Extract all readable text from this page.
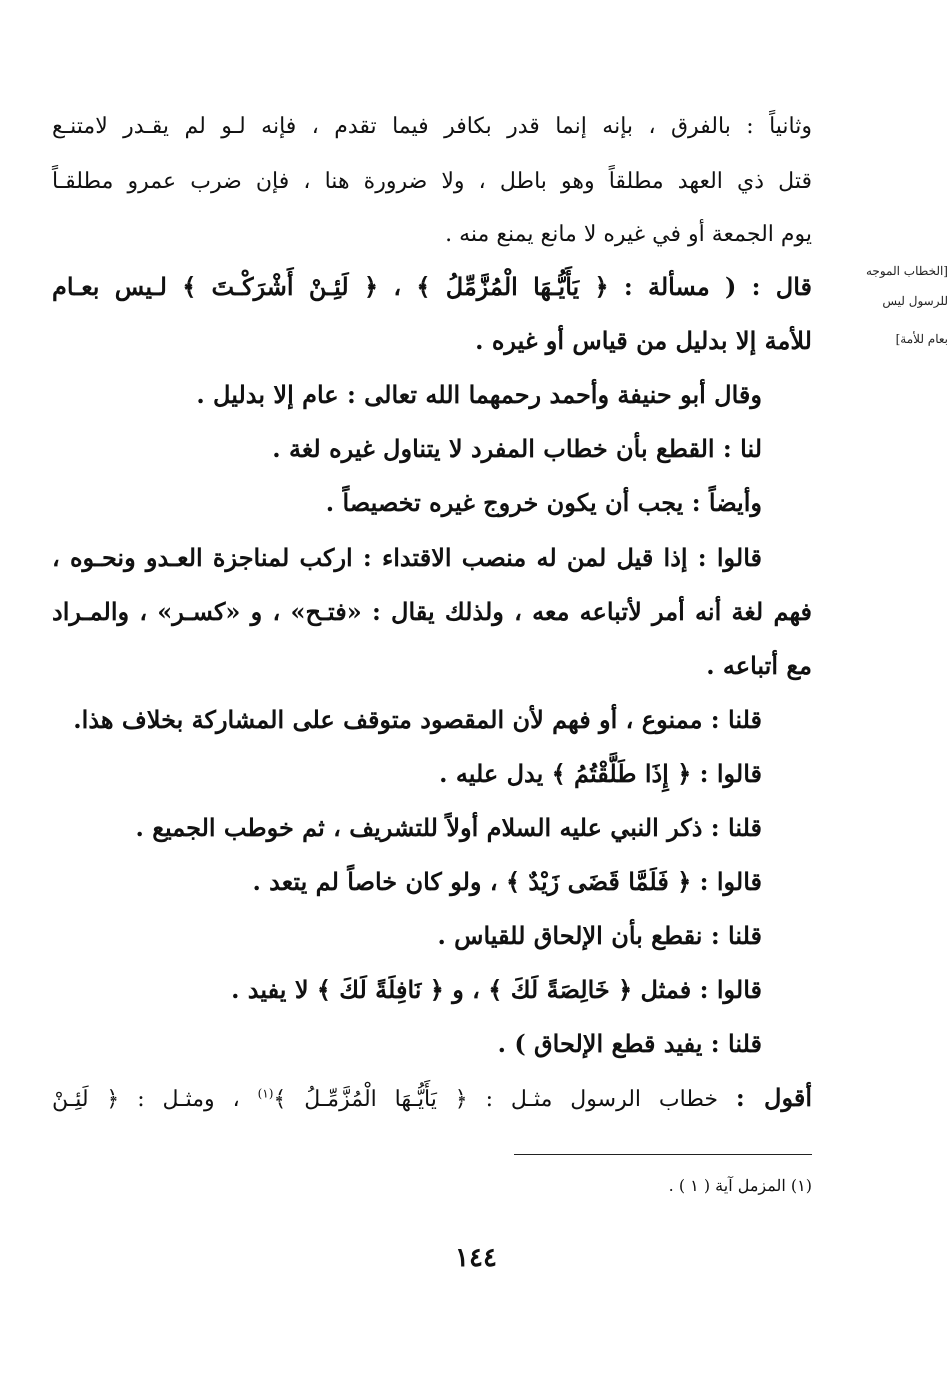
[الخطاب الموجه
للرسول ليس
بعام للأمة]
وثانياً : بالفرق ، بإنه إنما قدر بكافر فيما تقدم ، فإنه لـو لم يقـدر لامتنـع
قتل ذي العهد مطلقاً وهو باطل ، ولا ضرورة هنا ، فإن ضرب عمرو مطلقـاً
يوم الجمعة أو في غيره لا مانع يمنع منه .
قال : ( مسألة : ﴿ يَأَيُّـهَا الْمُزَّمِّلُ ﴾ ، ﴿ لَئِـنْ أَشْرَكْـتَ ﴾ لـيس بعـام
للأمة إلا بدليل من قياس أو غيره .
وقال أبو حنيفة وأحمد رحمهما الله تعالى : عام إلا بدليل .
لنا : القطع بأن خطاب المفرد لا يتناول غيره لغة .
وأيضاً : يجب أن يكون خروج غيره تخصيصاً .
قالوا : إذا قيل لمن له منصب الاقتداء : اركب لمناجزة العـدو ونحـوه ،
فهم لغة أنه أمر لأتباعه معه ، ولذلك يقال : «فتـح» ، و «كسـر» ، والمـراد
مع أتباعه .
قلنا : ممنوع ، أو فهم لأن المقصود متوقف على المشاركة بخلاف هذا.
قالوا : ﴿ إِذَا طَلَّقْتُمُ ﴾ يدل عليه .
قلنا : ذكر النبي عليه السلام أولاً للتشريف ، ثم خوطب الجميع .
قالوا : ﴿ فَلَمَّا قَضَى زَيْدٌ ﴾ ، ولو كان خاصاً لم يتعد .
قلنا : نقطع بأن الإلحاق للقياس .
قالوا : فمثل ﴿ خَالِصَةً لَكَ ﴾ ، و ﴿ نَافِلَةً لَكَ ﴾ لا يفيد .
قلنا : يفيد قطع الإلحاق ) .
أقول : خطاب الرسول مثـل : ﴿ يَأَيُّـهَا الْمُزَّمِّـلُ ﴾$^{(١)}$ ، ومثـل : ﴿ لَئِـنْ
(١) المزمل آية ( ١ ) .
١٤٤
